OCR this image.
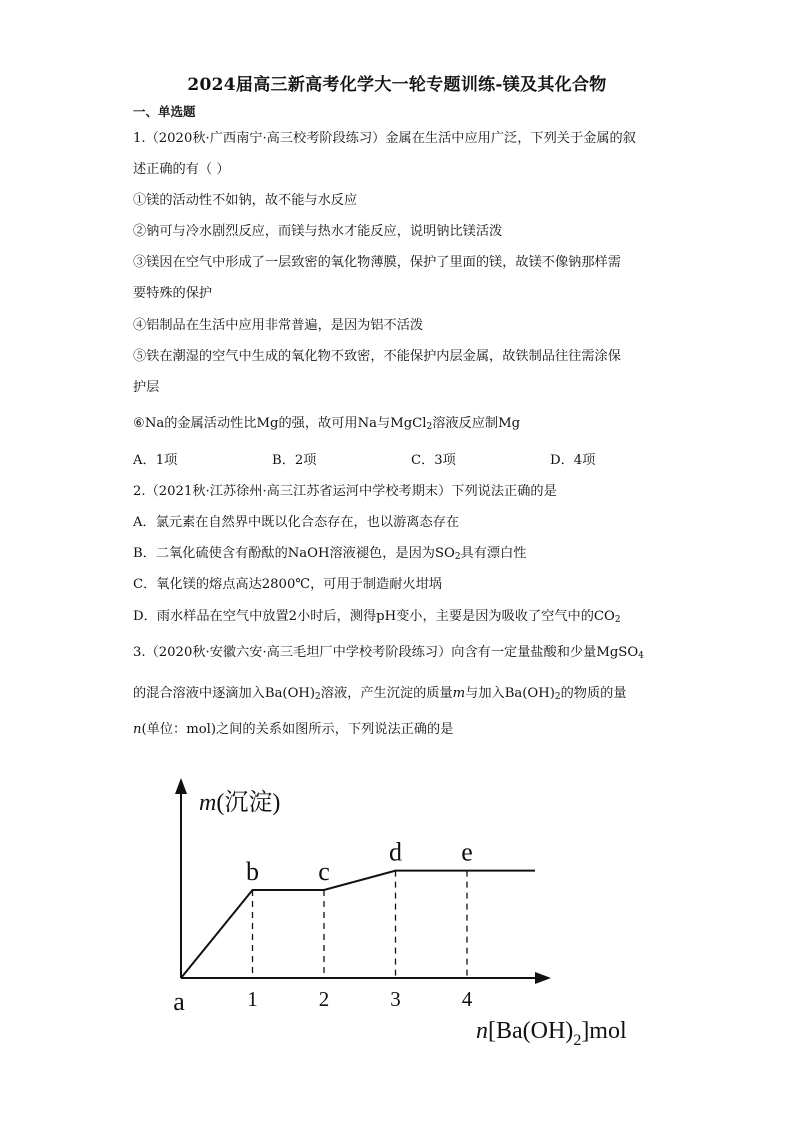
2024届高三新高考化学大一轮专题训练-镁及其化合物
一、单选题
1.（2020秋·广西南宁·高三校考阶段练习）金属在生活中应用广泛，下列关于金属的叙
述正确的有（ ）
①镁的活动性不如钠，故不能与水反应
②钠可与冷水剧烈反应，而镁与热水才能反应，说明钠比镁活泼
③镁因在空气中形成了一层致密的氧化物薄膜，保护了里面的镁，故镁不像钠那样需
要特殊的保护
④铝制品在生活中应用非常普遍，是因为铝不活泼
⑤铁在潮湿的空气中生成的氧化物不致密，不能保护内层金属，故铁制品往往需涂保
护层
⑥Na的金属活动性比Mg的强，故可用Na与MgCl$_2$溶液反应制Mg
A．1项	B．2项	C．3项	D．4项
2.（2021秋·江苏徐州·高三江苏省运河中学校考期末）下列说法正确的是
A．氯元素在自然界中既以化合态存在，也以游离态存在
B．二氧化硫使含有酚酞的NaOH溶液褪色，是因为$SO_2$具有漂白性
C．氧化镁的熔点高达2800℃，可用于制造耐火坩埚
D．雨水样品在空气中放置2小时后，测得pH变小，主要是因为吸收了空气中的$CO_2$
3.（2020秋·安徽六安·高三毛坦厂中学校考阶段练习）向含有一定量盐酸和少量MgSO$_4$
的混合溶液中逐滴加入$Ba(OH)_2$溶液，产生沉淀的质量m与加入$Ba(OH)_2$的物质的量
n(单位：mol)之间的关系如图所示，下列说法正确的是
m(沉淀)
1	2	3	4
b c
d e
a
$n[Ba(OH)_2]mol$
